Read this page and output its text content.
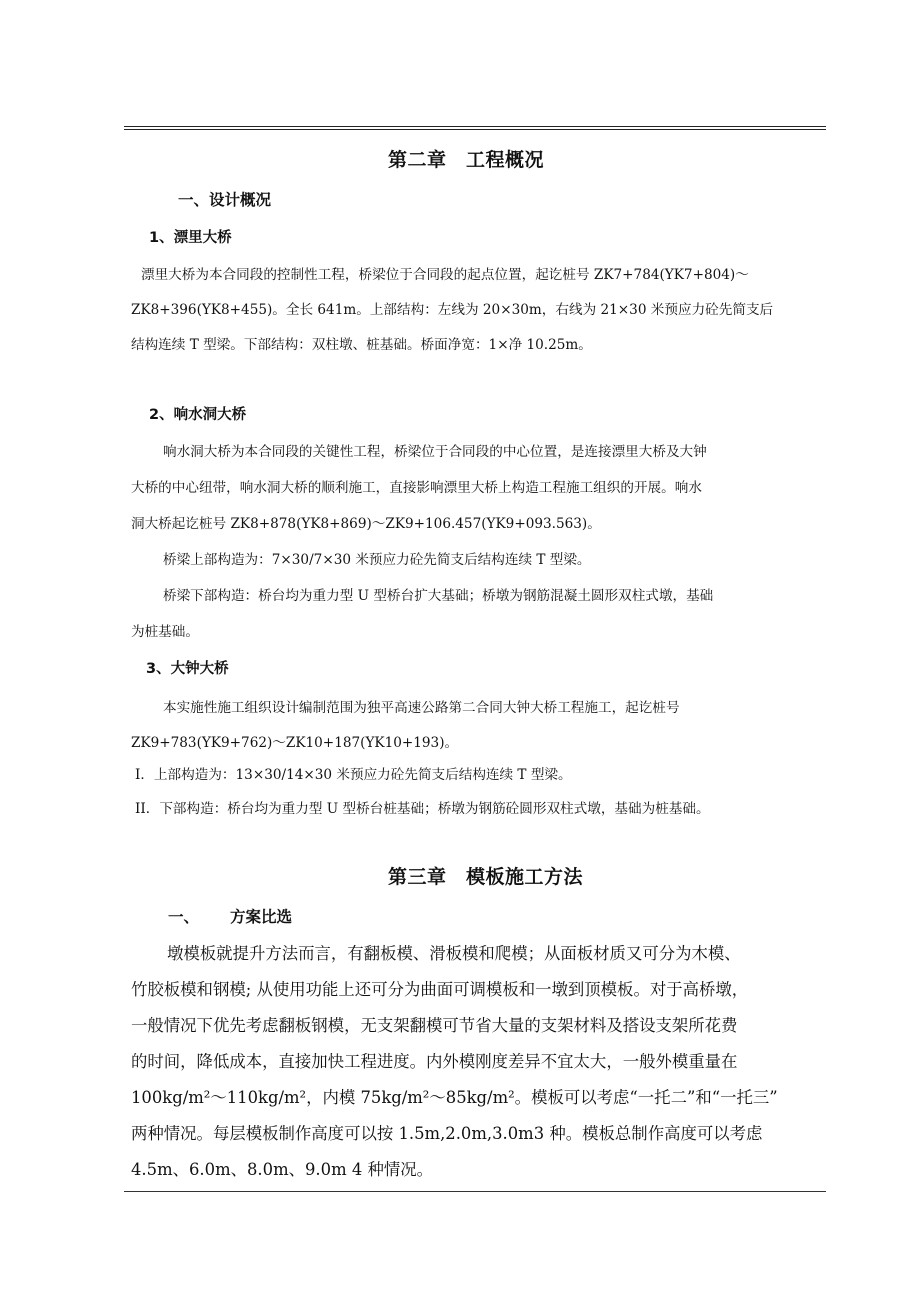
第二章　工程概况
一、设计概况
1、漂里大桥
漂里大桥为本合同段的控制性工程，桥梁位于合同段的起点位置，起讫桩号 ZK7+784(YK7+804)～
ZK8+396(YK8+455)。全长 641m。上部结构：左线为 20×30m，右线为 21×30 米预应力砼先简支后
结构连续 T 型梁。下部结构：双柱墩、桩基础。桥面净宽：1×净 10.25m。
2、响水洞大桥
响水洞大桥为本合同段的关键性工程，桥梁位于合同段的中心位置，是连接漂里大桥及大钟
大桥的中心纽带，响水洞大桥的顺利施工，直接影响漂里大桥上构造工程施工组织的开展。响水
洞大桥起讫桩号 ZK8+878(YK8+869)～ZK9+106.457(YK9+093.563)。
桥梁上部构造为：7×30/7×30 米预应力砼先简支后结构连续 T 型梁。
桥梁下部构造：桥台均为重力型 U 型桥台扩大基础；桥墩为钢筋混凝土圆形双柱式墩，基础
为桩基础。
3、大钟大桥
本实施性施工组织设计编制范围为独平高速公路第二合同大钟大桥工程施工，起讫桩号
ZK9+783(YK9+762)～ZK10+187(YK10+193)。
I．上部构造为：13×30/14×30 米预应力砼先简支后结构连续 T 型梁。
II．下部构造：桥台均为重力型 U 型桥台桩基础；桥墩为钢筋砼圆形双柱式墩，基础为桩基础。
第三章　模板施工方法
一、 方案比选
墩模板就提升方法而言，有翻板模、滑板模和爬模；从面板材质又可分为木模、
竹胶板模和钢模; 从使用功能上还可分为曲面可调模板和一墩到顶模板。对于高桥墩，
一般情况下优先考虑翻板钢模，无支架翻模可节省大量的支架材料及搭设支架所花费
的时间，降低成本，直接加快工程进度。内外模刚度差异不宜太大，一般外模重量在
100kg/m²～110kg/m²，内模 75kg/m²～85kg/m²。模板可以考虑“一托二”和“一托三”
两种情况。每层模板制作高度可以按 1.5m,2.0m,3.0m3 种。模板总制作高度可以考虑
4.5m、6.0m、8.0m、9.0m 4 种情况。
